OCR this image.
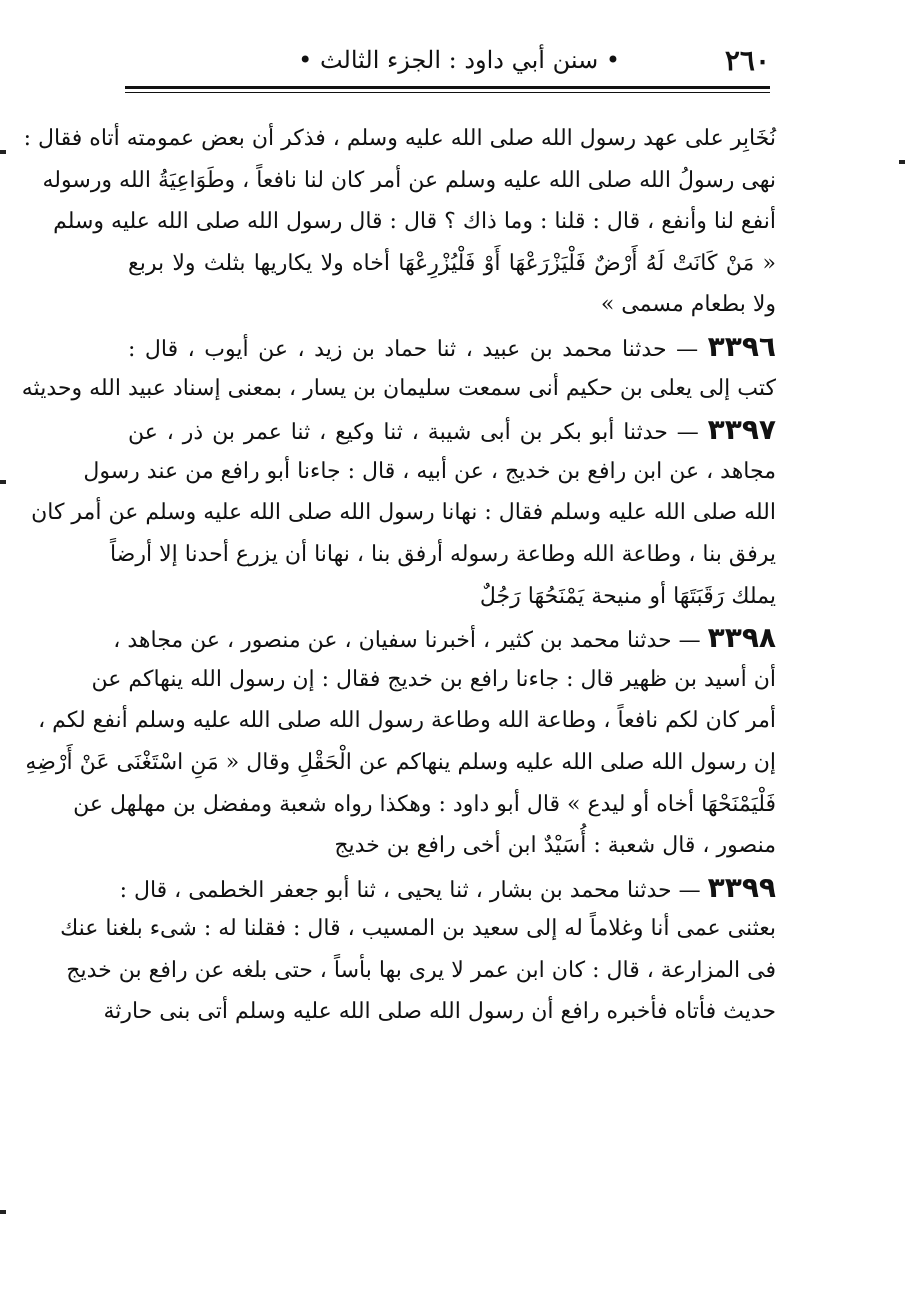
٢٦٠
• سنن أبي داود : الجزء الثالث •
نُخَابِر على عهد رسول الله صلى الله عليه وسلم ، فذكر أن بعض عمومته أتاه فقال :
نهى رسولُ الله صلى الله عليه وسلم عن أمر كان لنا نافعاً ، وطَوَاعِيَةُ الله ورسوله
أنفع لنا وأنفع ، قال : قلنا : وما ذاك ؟ قال : قال رسول الله صلى الله عليه وسلم
« مَنْ كَانَتْ لَهُ أَرْضٌ فَلْيَزْرَعْهَا أَوْ فَلْيُزْرِعْهَا أخاه ولا يكاريها بثلث ولا بربع
ولا بطعام مسمى »
٣٣٩٦ — حدثنا محمد بن عبيد ، ثنا حماد بن زيد ، عن أيوب ، قال :
كتب إلى يعلى بن حكيم أنى سمعت سليمان بن يسار ، بمعنى إسناد عبيد الله وحديثه
٣٣٩٧ — حدثنا أبو بكر بن أبى شيبة ، ثنا وكيع ، ثنا عمر بن ذر ، عن
مجاهد ، عن ابن رافع بن خديج ، عن أبيه ، قال : جاءنا أبو رافع من عند رسول
الله صلى الله عليه وسلم فقال : نهانا رسول الله صلى الله عليه وسلم عن أمر كان
يرفق بنا ، وطاعة الله وطاعة رسوله أرفق بنا ، نهانا أن يزرع أحدنا إلا أرضاً
يملك رَقَبَتَهَا أو منيحة يَمْنَحُهَا رَجُلٌ
٣٣٩٨ — حدثنا محمد بن كثير ، أخبرنا سفيان ، عن منصور ، عن مجاهد ،
أن أسيد بن ظهير قال : جاءنا رافع بن خديج فقال : إن رسول الله ينهاكم عن
أمر كان لكم نافعاً ، وطاعة الله وطاعة رسول الله صلى الله عليه وسلم أنفع لكم ،
إن رسول الله صلى الله عليه وسلم ينهاكم عن الْحَقْلِ وقال « مَنِ اسْتَغْنَى عَنْ أَرْضِهِ
فَلْيَمْنَحْهَا أخاه أو ليدع » قال أبو داود : وهكذا رواه شعبة ومفضل بن مهلهل عن
منصور ، قال شعبة : أُسَيْدٌ ابن أخى رافع بن خديج
٣٣٩٩ — حدثنا محمد بن بشار ، ثنا يحيى ، ثنا أبو جعفر الخطمى ، قال :
بعثنى عمى أنا وغلاماً له إلى سعيد بن المسيب ، قال : فقلنا له : شىء بلغنا عنك
فى المزارعة ، قال : كان ابن عمر لا يرى بها بأساً ، حتى بلغه عن رافع بن خديج
حديث فأتاه فأخبره رافع أن رسول الله صلى الله عليه وسلم أتى بنى حارثة
